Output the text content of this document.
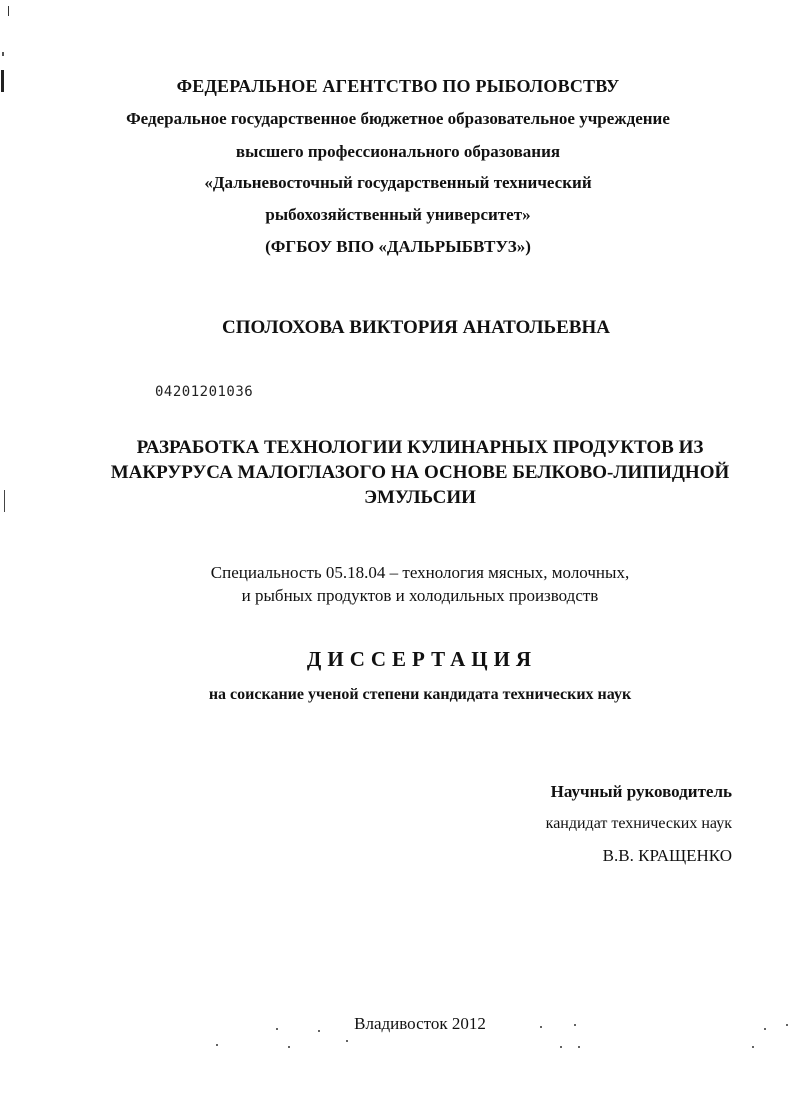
ФЕДЕРАЛЬНОЕ АГЕНТСТВО ПО РЫБОЛОВСТВУ
Федеральное государственное бюджетное образовательное учреждение
высшего профессионального образования
«Дальневосточный государственный технический
рыбохозяйственный университет»
(ФГБОУ ВПО «ДАЛЬРЫБВТУЗ»)
СПОЛОХОВА ВИКТОРИЯ АНАТОЛЬЕВНА
04201201036
РАЗРАБОТКА ТЕХНОЛОГИИ КУЛИНАРНЫХ ПРОДУКТОВ ИЗ
МАКРУРУСА МАЛОГЛАЗОГО НА ОСНОВЕ БЕЛКОВО-ЛИПИДНОЙ
ЭМУЛЬСИИ
Специальность 05.18.04 – технология мясных, молочных,
и рыбных продуктов и холодильных производств
ДИССЕРТАЦИЯ
на соискание ученой степени кандидата технических наук
Научный руководитель
кандидат технических наук
В.В. КРАЩЕНКО
Владивосток 2012
